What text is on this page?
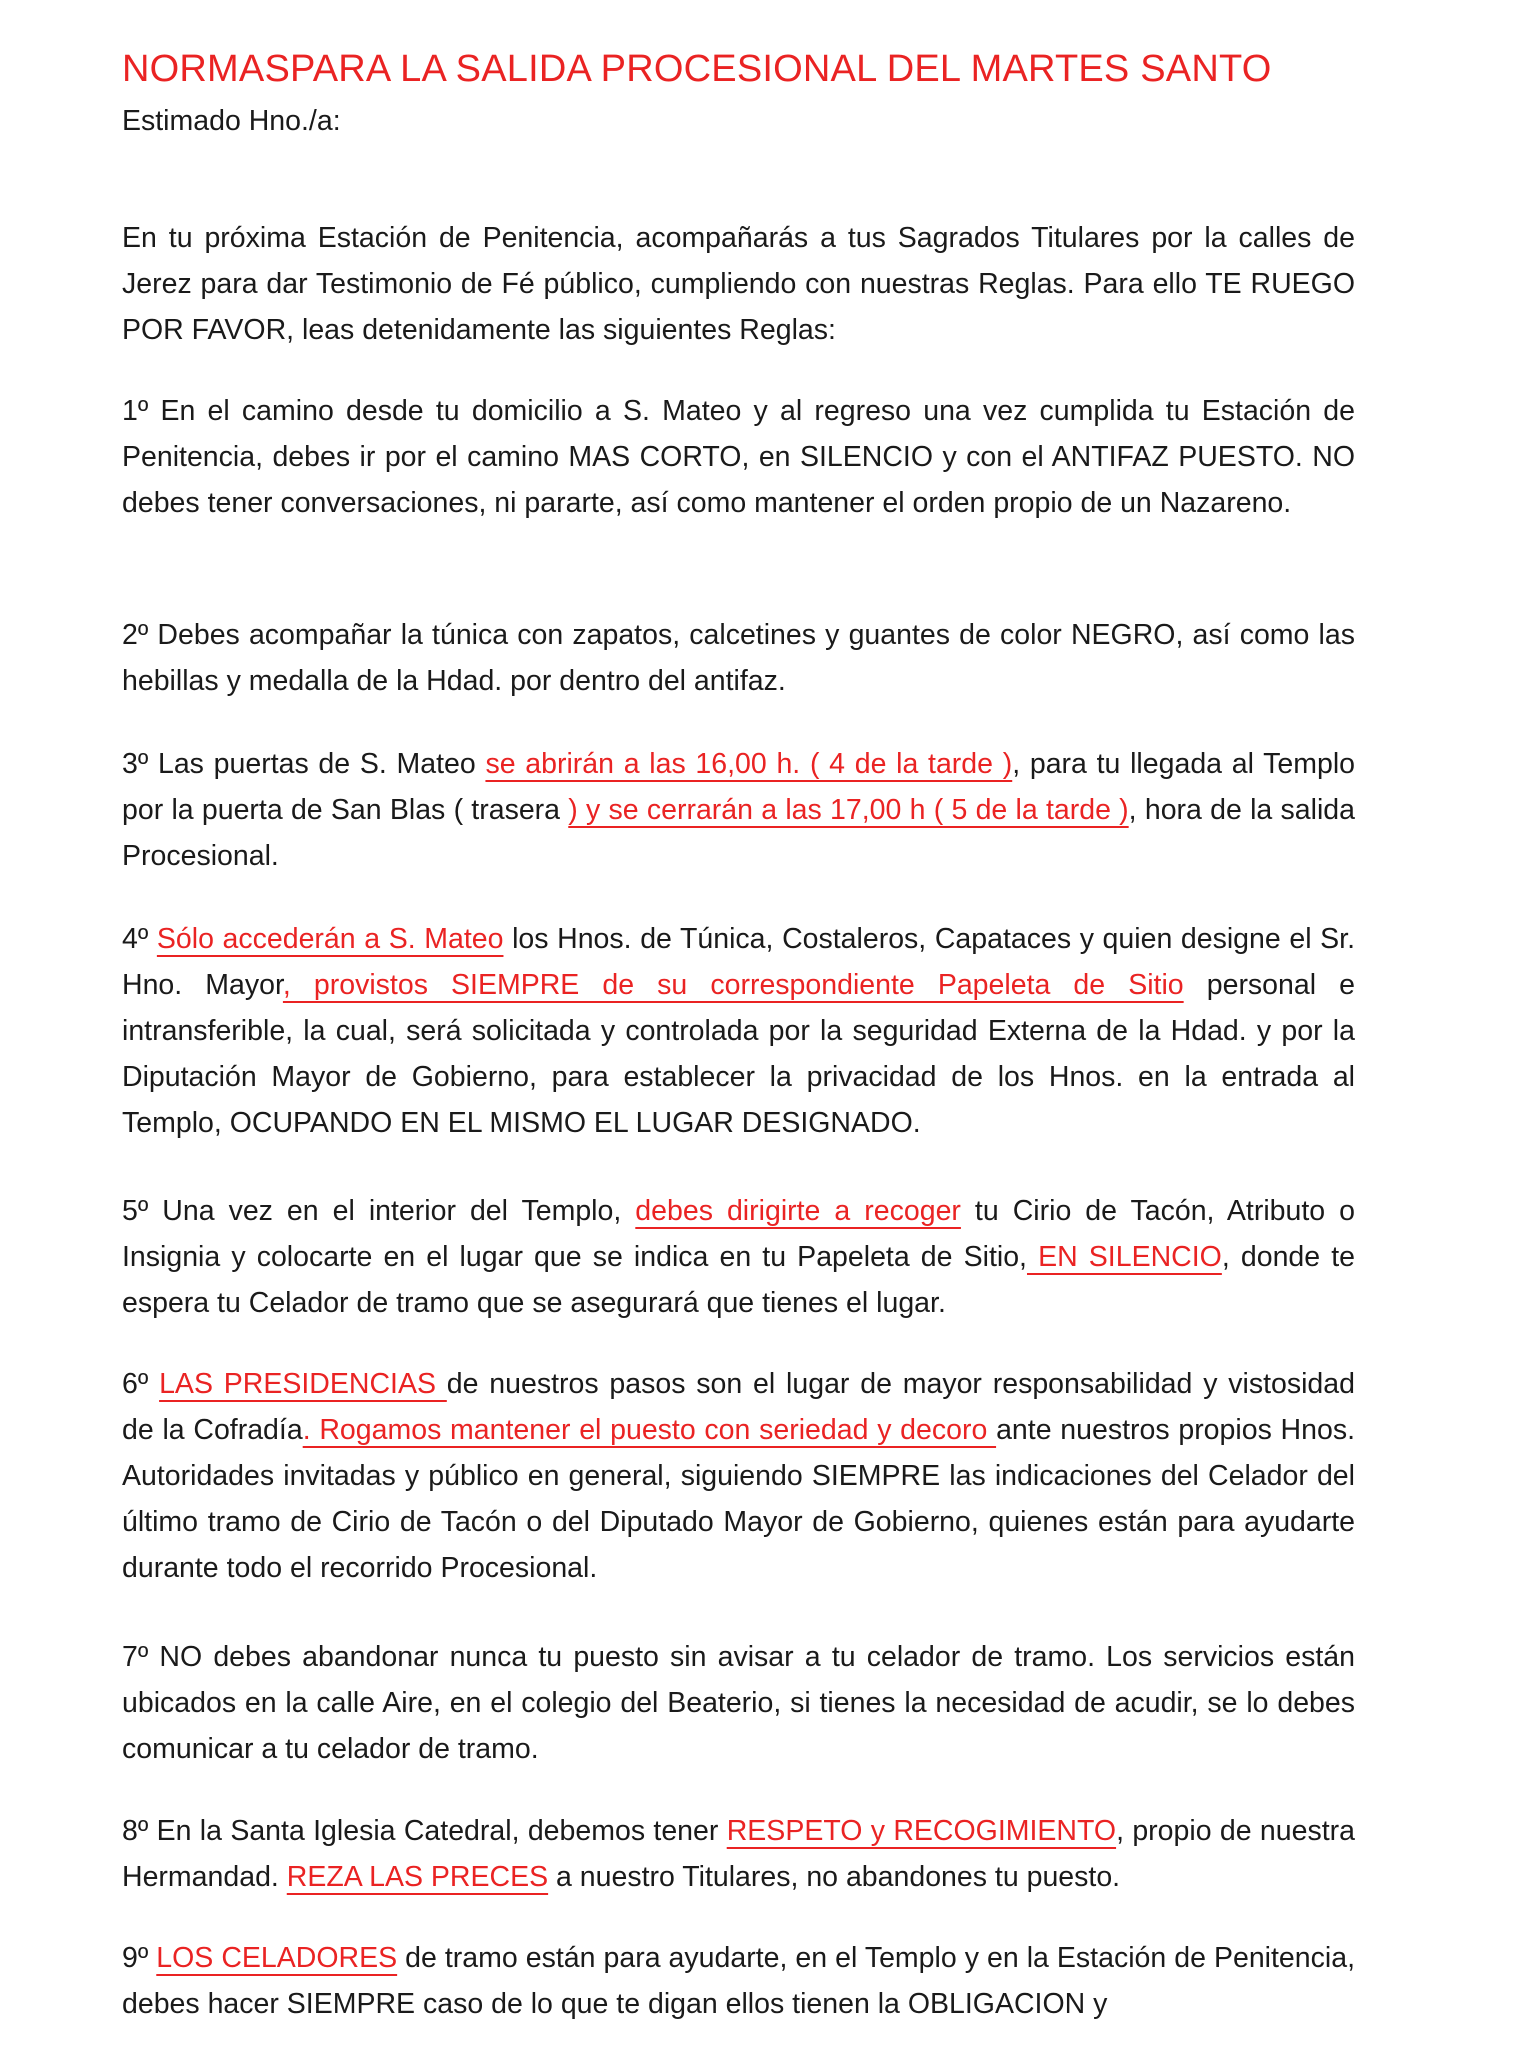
NORMASPARA LA SALIDA PROCESIONAL DEL MARTES SANTO

Estimado Hno./a:

En tu próxima Estación de Penitencia, acompañarás a tus Sagrados Titulares por la calles de Jerez para dar Testimonio de Fé público, cumpliendo con nuestras Reglas. Para ello TE RUEGO POR FAVOR, leas detenidamente las siguientes Reglas:

1º En el camino desde tu domicilio a S. Mateo y al regreso una vez cumplida tu Estación de Penitencia, debes ir por el camino MAS CORTO, en SILENCIO y con el ANTIFAZ PUESTO. NO debes tener conversaciones, ni pararte, así como mantener el orden propio de un Nazareno.

2º Debes acompañar la túnica con zapatos, calcetines y guantes de color NEGRO, así como las hebillas y medalla de la Hdad. por dentro del antifaz.

3º Las puertas de S. Mateo se abrirán a las 16,00 h. ( 4 de la tarde ), para tu llegada al Templo por la puerta de San Blas ( trasera ) y se cerrarán a las 17,00 h ( 5 de la tarde ), hora de la salida Procesional.

4º Sólo accederán a S. Mateo los Hnos. de Túnica, Costaleros, Capataces y quien designe el Sr. Hno. Mayor, provistos SIEMPRE de su correspondiente Papeleta de Sitio personal e intransferible, la cual, será solicitada y controlada por la seguridad Externa de la Hdad. y por la Diputación Mayor de Gobierno, para establecer la privacidad de los Hnos. en la entrada al Templo, OCUPANDO EN EL MISMO EL LUGAR DESIGNADO.

5º Una vez en el interior del Templo, debes dirigirte a recoger tu Cirio de Tacón, Atributo o Insignia y colocarte en el lugar que se indica en tu Papeleta de Sitio, EN SILENCIO, donde te espera tu Celador de tramo que se asegurará que tienes el lugar.

6º LAS PRESIDENCIAS de nuestros pasos son el lugar de mayor responsabilidad y vistosidad de la Cofradía. Rogamos mantener el puesto con seriedad y decoro ante nuestros propios Hnos. Autoridades invitadas y público en general, siguiendo SIEMPRE las indicaciones del Celador del último tramo de Cirio de Tacón o del Diputado Mayor de Gobierno, quienes están para ayudarte durante todo el recorrido Procesional.

7º NO debes abandonar nunca tu puesto sin avisar a tu celador de tramo. Los servicios están ubicados en la calle Aire, en el colegio del Beaterio, si tienes la necesidad de acudir, se lo debes comunicar a tu celador de tramo.

8º En la Santa Iglesia Catedral, debemos tener RESPETO y RECOGIMIENTO, propio de nuestra Hermandad. REZA LAS PRECES a nuestro Titulares, no abandones tu puesto.

9º LOS CELADORES de tramo están para ayudarte, en el Templo y en la Estación de Penitencia, debes hacer SIEMPRE caso de lo que te digan ellos tienen la OBLIGACION y
